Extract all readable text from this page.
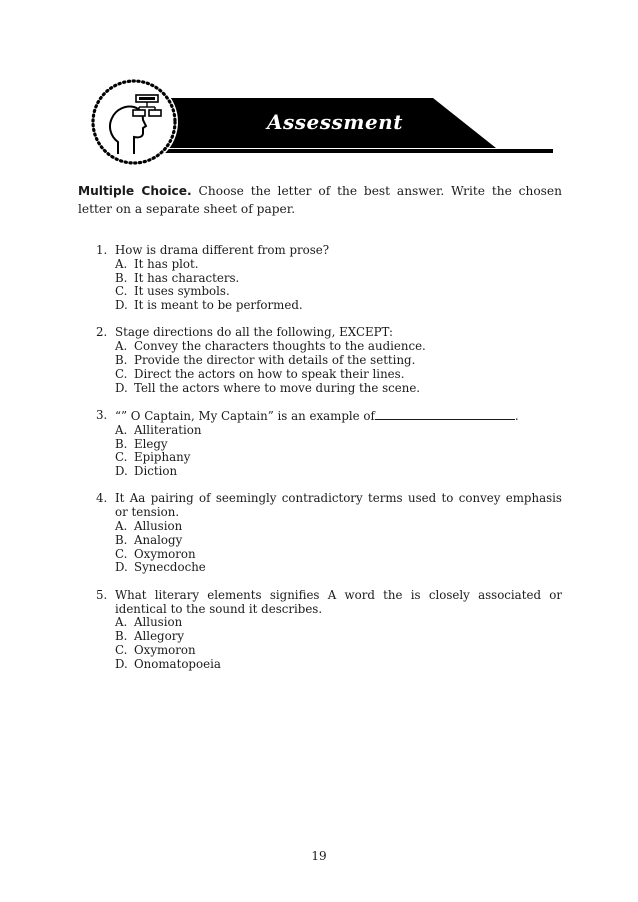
Assessment
Multiple Choice. Choose the letter of the best answer. Write the chosen letter on a separate sheet of paper.
1. How is drama different from prose?
A. It has plot.
B. It has characters.
C. It uses symbols.
D. It is meant to be performed.
2. Stage directions do all the following, EXCEPT:
A. Convey the characters thoughts to the audience.
B. Provide the director with details of the setting.
C. Direct the actors on how to speak their lines.
D. Tell the actors where to move during the scene.
3. “” O Captain, My Captain” is an example of	.
A. Alliteration
B. Elegy
C. Epiphany
D. Diction
4. It Aa pairing of seemingly contradictory terms used to convey emphasis or tension.
A. Allusion
B. Analogy
C. Oxymoron
D. Synecdoche
5. What literary elements signifies A word the is closely associated or identical to the sound it describes.
A. Allusion
B. Allegory
C. Oxymoron
D. Onomatopoeia
19
